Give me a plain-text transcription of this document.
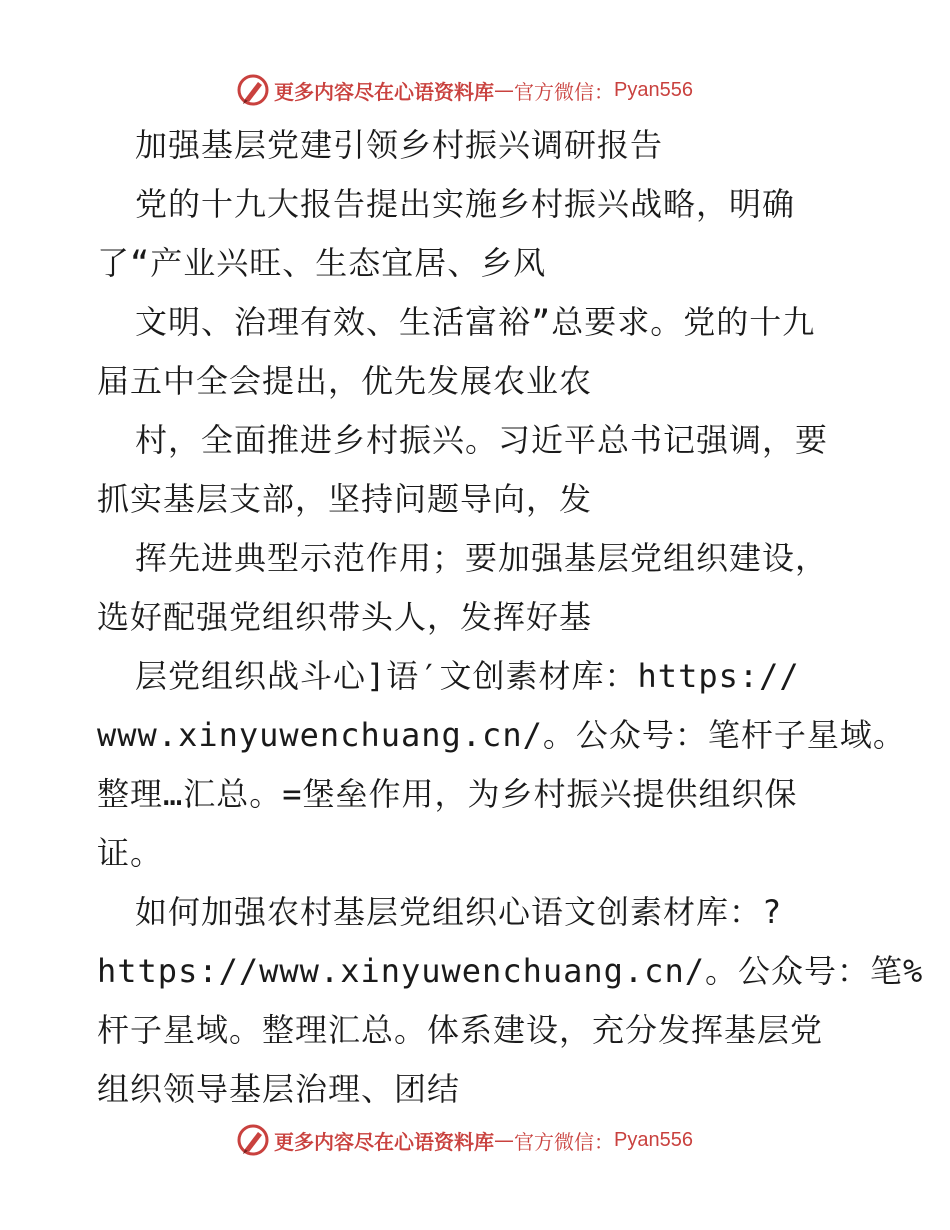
更多内容尽在心语资料库 — 官方微信： Pyan556
加强基层党建引领乡村振兴调研报告
党的十九大报告提出实施乡村振兴战略，明确
了“产业兴旺、生态宜居、乡风
文明、治理有效、生活富裕”总要求。党的十九
届五中全会提出，优先发展农业农
村，全面推进乡村振兴。习近平总书记强调，要
抓实基层支部，坚持问题导向，发
挥先进典型示范作用；要加强基层党组织建设，
选好配强党组织带头人，发挥好基
层党组织战斗心]语′文创素材库：https://
www.xinyuwenchuang.cn/。公众号：笔杆子星域。
整理…汇总。=堡垒作用，为乡村振兴提供组织保
证。
如何加强农村基层党组织心语文创素材库：?
https://www.xinyuwenchuang.cn/。公众号：笔%
杆子星域。整理汇总。体系建设，充分发挥基层党
组织领导基层治理、团结
更多内容尽在心语资料库 — 官方微信： Pyan556
